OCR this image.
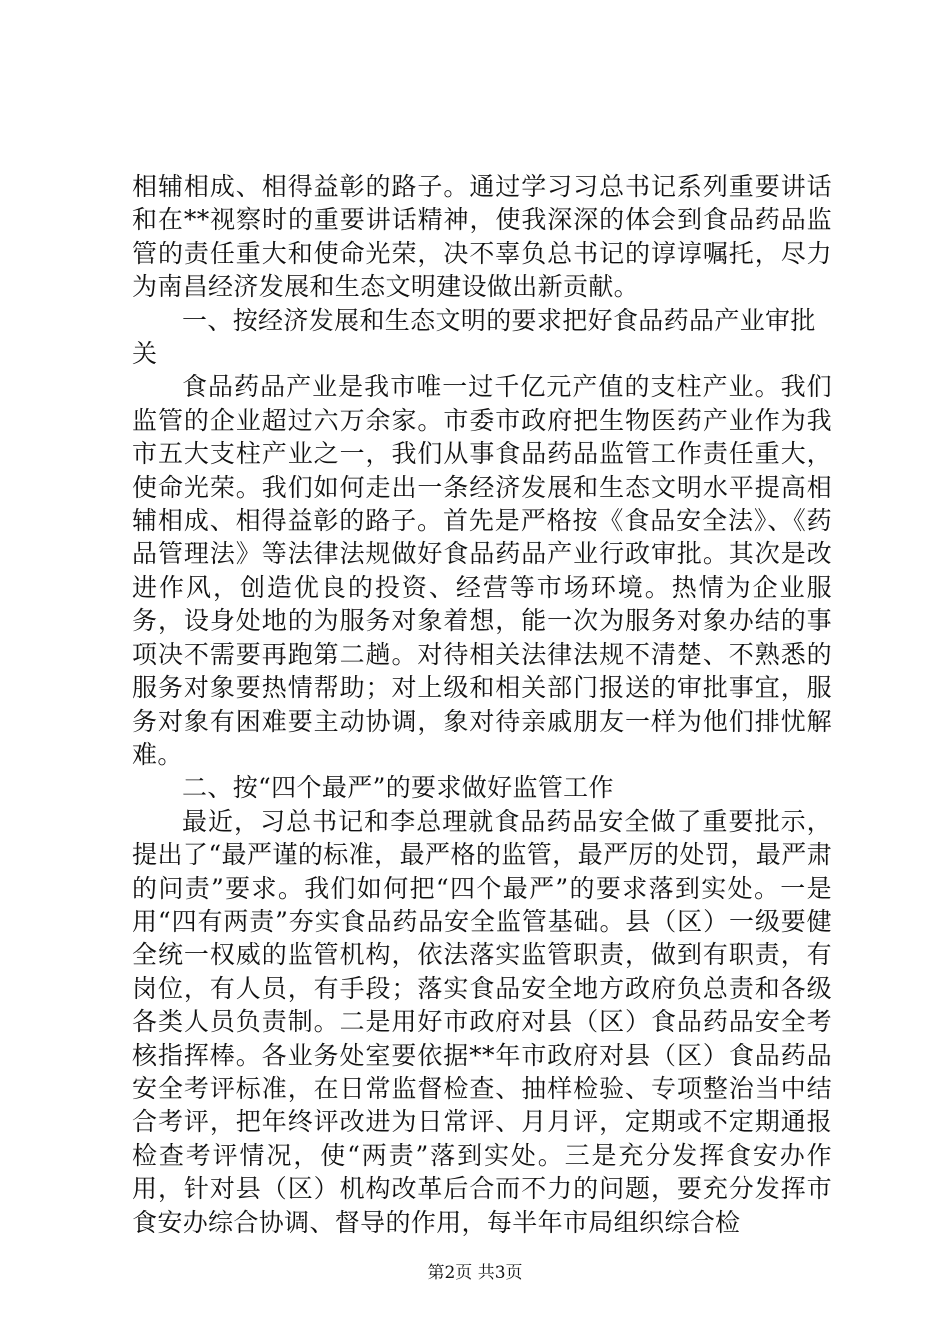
相辅相成、相得益彰的路子。通过学习习总书记系列重要讲话和在**视察时的重要讲话精神，使我深深的体会到食品药品监管的责任重大和使命光荣，决不辜负总书记的谆谆嘱托，尽力为南昌经济发展和生态文明建设做出新贡献。

一、按经济发展和生态文明的要求把好食品药品产业审批关

食品药品产业是我市唯一过千亿元产值的支柱产业。我们监管的企业超过六万余家。市委市政府把生物医药产业作为我市五大支柱产业之一，我们从事食品药品监管工作责任重大，使命光荣。我们如何走出一条经济发展和生态文明水平提高相辅相成、相得益彰的路子。首先是严格按《食品安全法》、《药品管理法》等法律法规做好食品药品产业行政审批。其次是改进作风，创造优良的投资、经营等市场环境。热情为企业服务，设身处地的为服务对象着想，能一次为服务对象办结的事项决不需要再跑第二趟。对待相关法律法规不清楚、不熟悉的服务对象要热情帮助；对上级和相关部门报送的审批事宜，服务对象有困难要主动协调，象对待亲戚朋友一样为他们排忧解难。

二、按“四个最严”的要求做好监管工作

最近，习总书记和李总理就食品药品安全做了重要批示，提出了“最严谨的标准，最严格的监管，最严厉的处罚，最严肃的问责”要求。我们如何把“四个最严”的要求落到实处。一是用“四有两责”夯实食品药品安全监管基础。县（区）一级要健全统一权威的监管机构，依法落实监管职责，做到有职责，有岗位，有人员，有手段；落实食品安全地方政府负总责和各级各类人员负责制。二是用好市政府对县（区）食品药品安全考核指挥棒。各业务处室要依据**年市政府对县（区）食品药品安全考评标准，在日常监督检查、抽样检验、专项整治当中结合考评，把年终评改进为日常评、月月评，定期或不定期通报检查考评情况，使“两责”落到实处。三是充分发挥食安办作用，针对县（区）机构改革后合而不力的问题，要充分发挥市食安办综合协调、督导的作用，每半年市局组织综合检

第2页 共3页
